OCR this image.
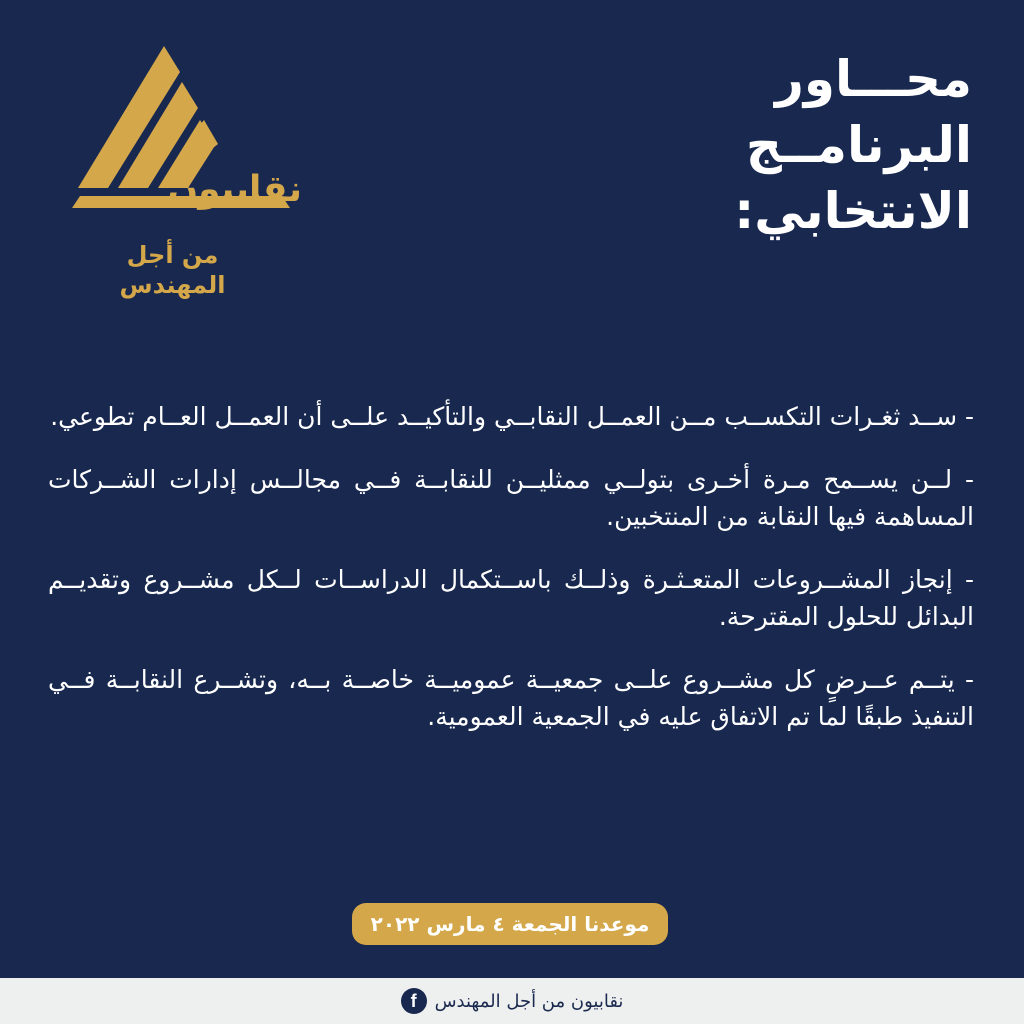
نقابيون
من أجل المهندس
محـــاور
البرنامــج
الانتخابي:

- ســد ثغـرات التكســب مــن العمــل النقابــي والتأكيــد علــى أن العمــل العــام تطوعي.

- لــن يســمح مـرة أخـرى بتولــي ممثليــن للنقابــة فــي مجالــس إدارات الشــركات المساهمة فيها النقابة من المنتخبين.

- إنجاز المشــروعات المتعـثـرة وذلــك باســتكمال الدراســات لــكل مشــروع وتقديــم البدائل للحلول المقترحة.

- يتــم عــرضٍ كل مشــروع علــى جمعيــة عموميــة خاصــة بــه، وتشــرع النقابــة فــي التنفيذ طبقًا لما تم الاتفاق عليه في الجمعية العمومية.

موعدنا الجمعة ٤ مارس ٢٠٢٢
نقابيون من أجل المهندس
f
